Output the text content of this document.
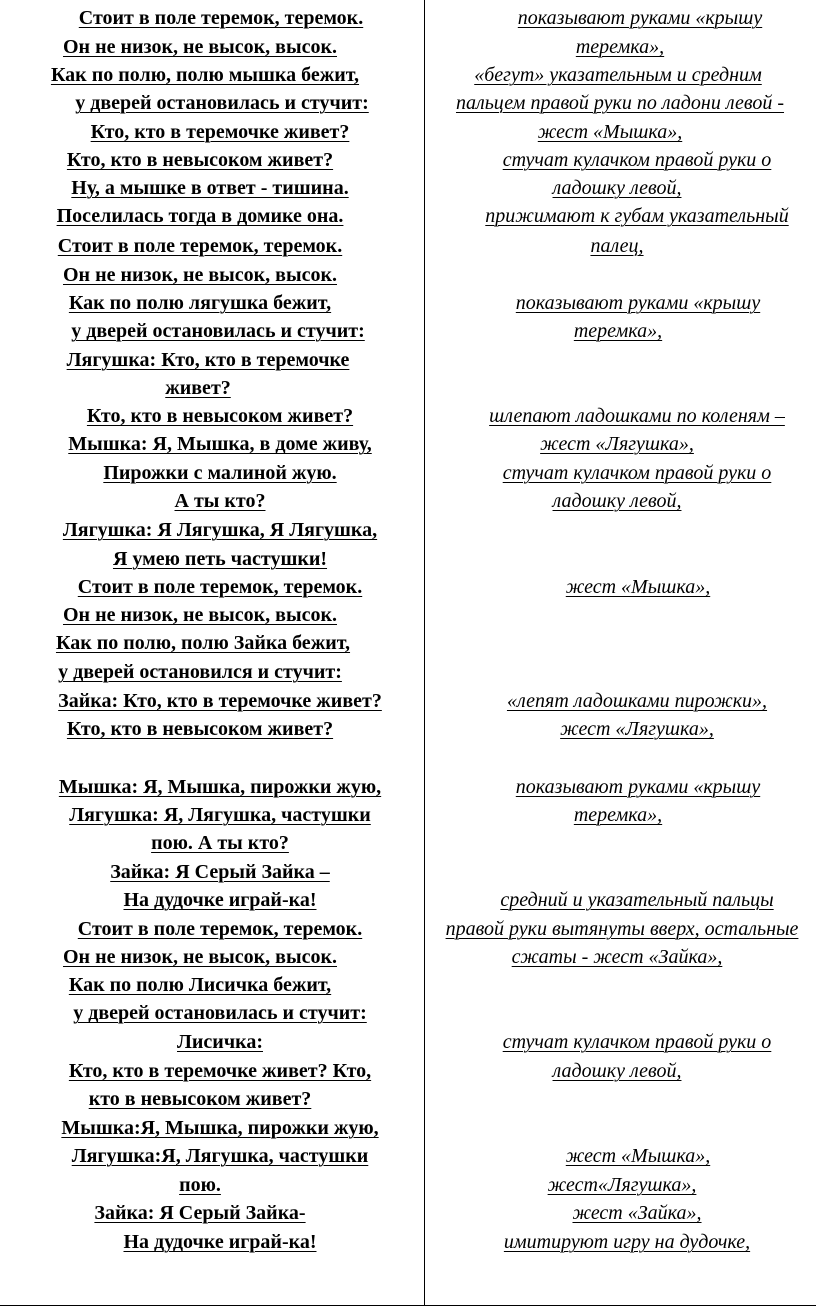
Стоит в поле теремок, теремок.
Он не низок, не высок, высок.
Как по полю, полю мышка бежит,
у дверей остановилась и стучит:
Кто, кто в теремочке живет?
Кто, кто в невысоком живет?
Ну, а мышке в ответ - тишина.
Поселилась тогда в домике она.
Стоит в поле теремок, теремок.
Он не низок, не высок, высок.
Как по полю лягушка бежит,
у дверей остановилась и стучит:
Лягушка: Кто, кто в теремочке
живет?
Кто, кто в невысоком живет?
Мышка: Я, Мышка, в доме живу,
Пирожки с малиной жую.
А ты кто?
Лягушка: Я Лягушка, Я Лягушка,
Я умею петь частушки!
Стоит в поле теремок, теремок.
Он не низок, не высок, высок.
Как по полю, полю Зайка бежит,
у дверей остановился и стучит:
Зайка: Кто, кто в теремочке живет?
Кто, кто в невысоком живет?
Мышка: Я, Мышка, пирожки жую,
Лягушка: Я, Лягушка, частушки
пою. А ты кто?
Зайка: Я Серый Зайка –
На дудочке играй-ка!
Стоит в поле теремок, теремок.
Он не низок, не высок, высок.
Как по полю Лисичка бежит,
у дверей остановилась и стучит:
Лисичка:
Кто, кто в теремочке живет? Кто,
кто в невысоком живет?
Мышка:Я, Мышка, пирожки жую,
Лягушка:Я, Лягушка, частушки
пою.
Зайка: Я Серый Зайка-
На дудочке играй-ка!
показывают руками «крышу
теремка»,
«бегут» указательным и средним
пальцем правой руки по ладони левой -
жест «Мышка»,
стучат кулачком правой руки о
ладошку левой,
прижимают к губам указательный
палец,
показывают руками «крышу
теремка»,
шлепают ладошками по коленям –
жест «Лягушка»,
стучат кулачком правой руки о
ладошку левой,
жест «Мышка»,
«лепят ладошками пирожки»,
жест «Лягушка»,
показывают руками «крышу
теремка»,
средний и указательный пальцы
правой руки вытянуты вверх, остальные
сжаты - жест «Зайка»,
стучат кулачком правой руки о
ладошку левой,
жест «Мышка»,
жест«Лягушка»,
жест «Зайка»,
имитируют игру на дудочке,
